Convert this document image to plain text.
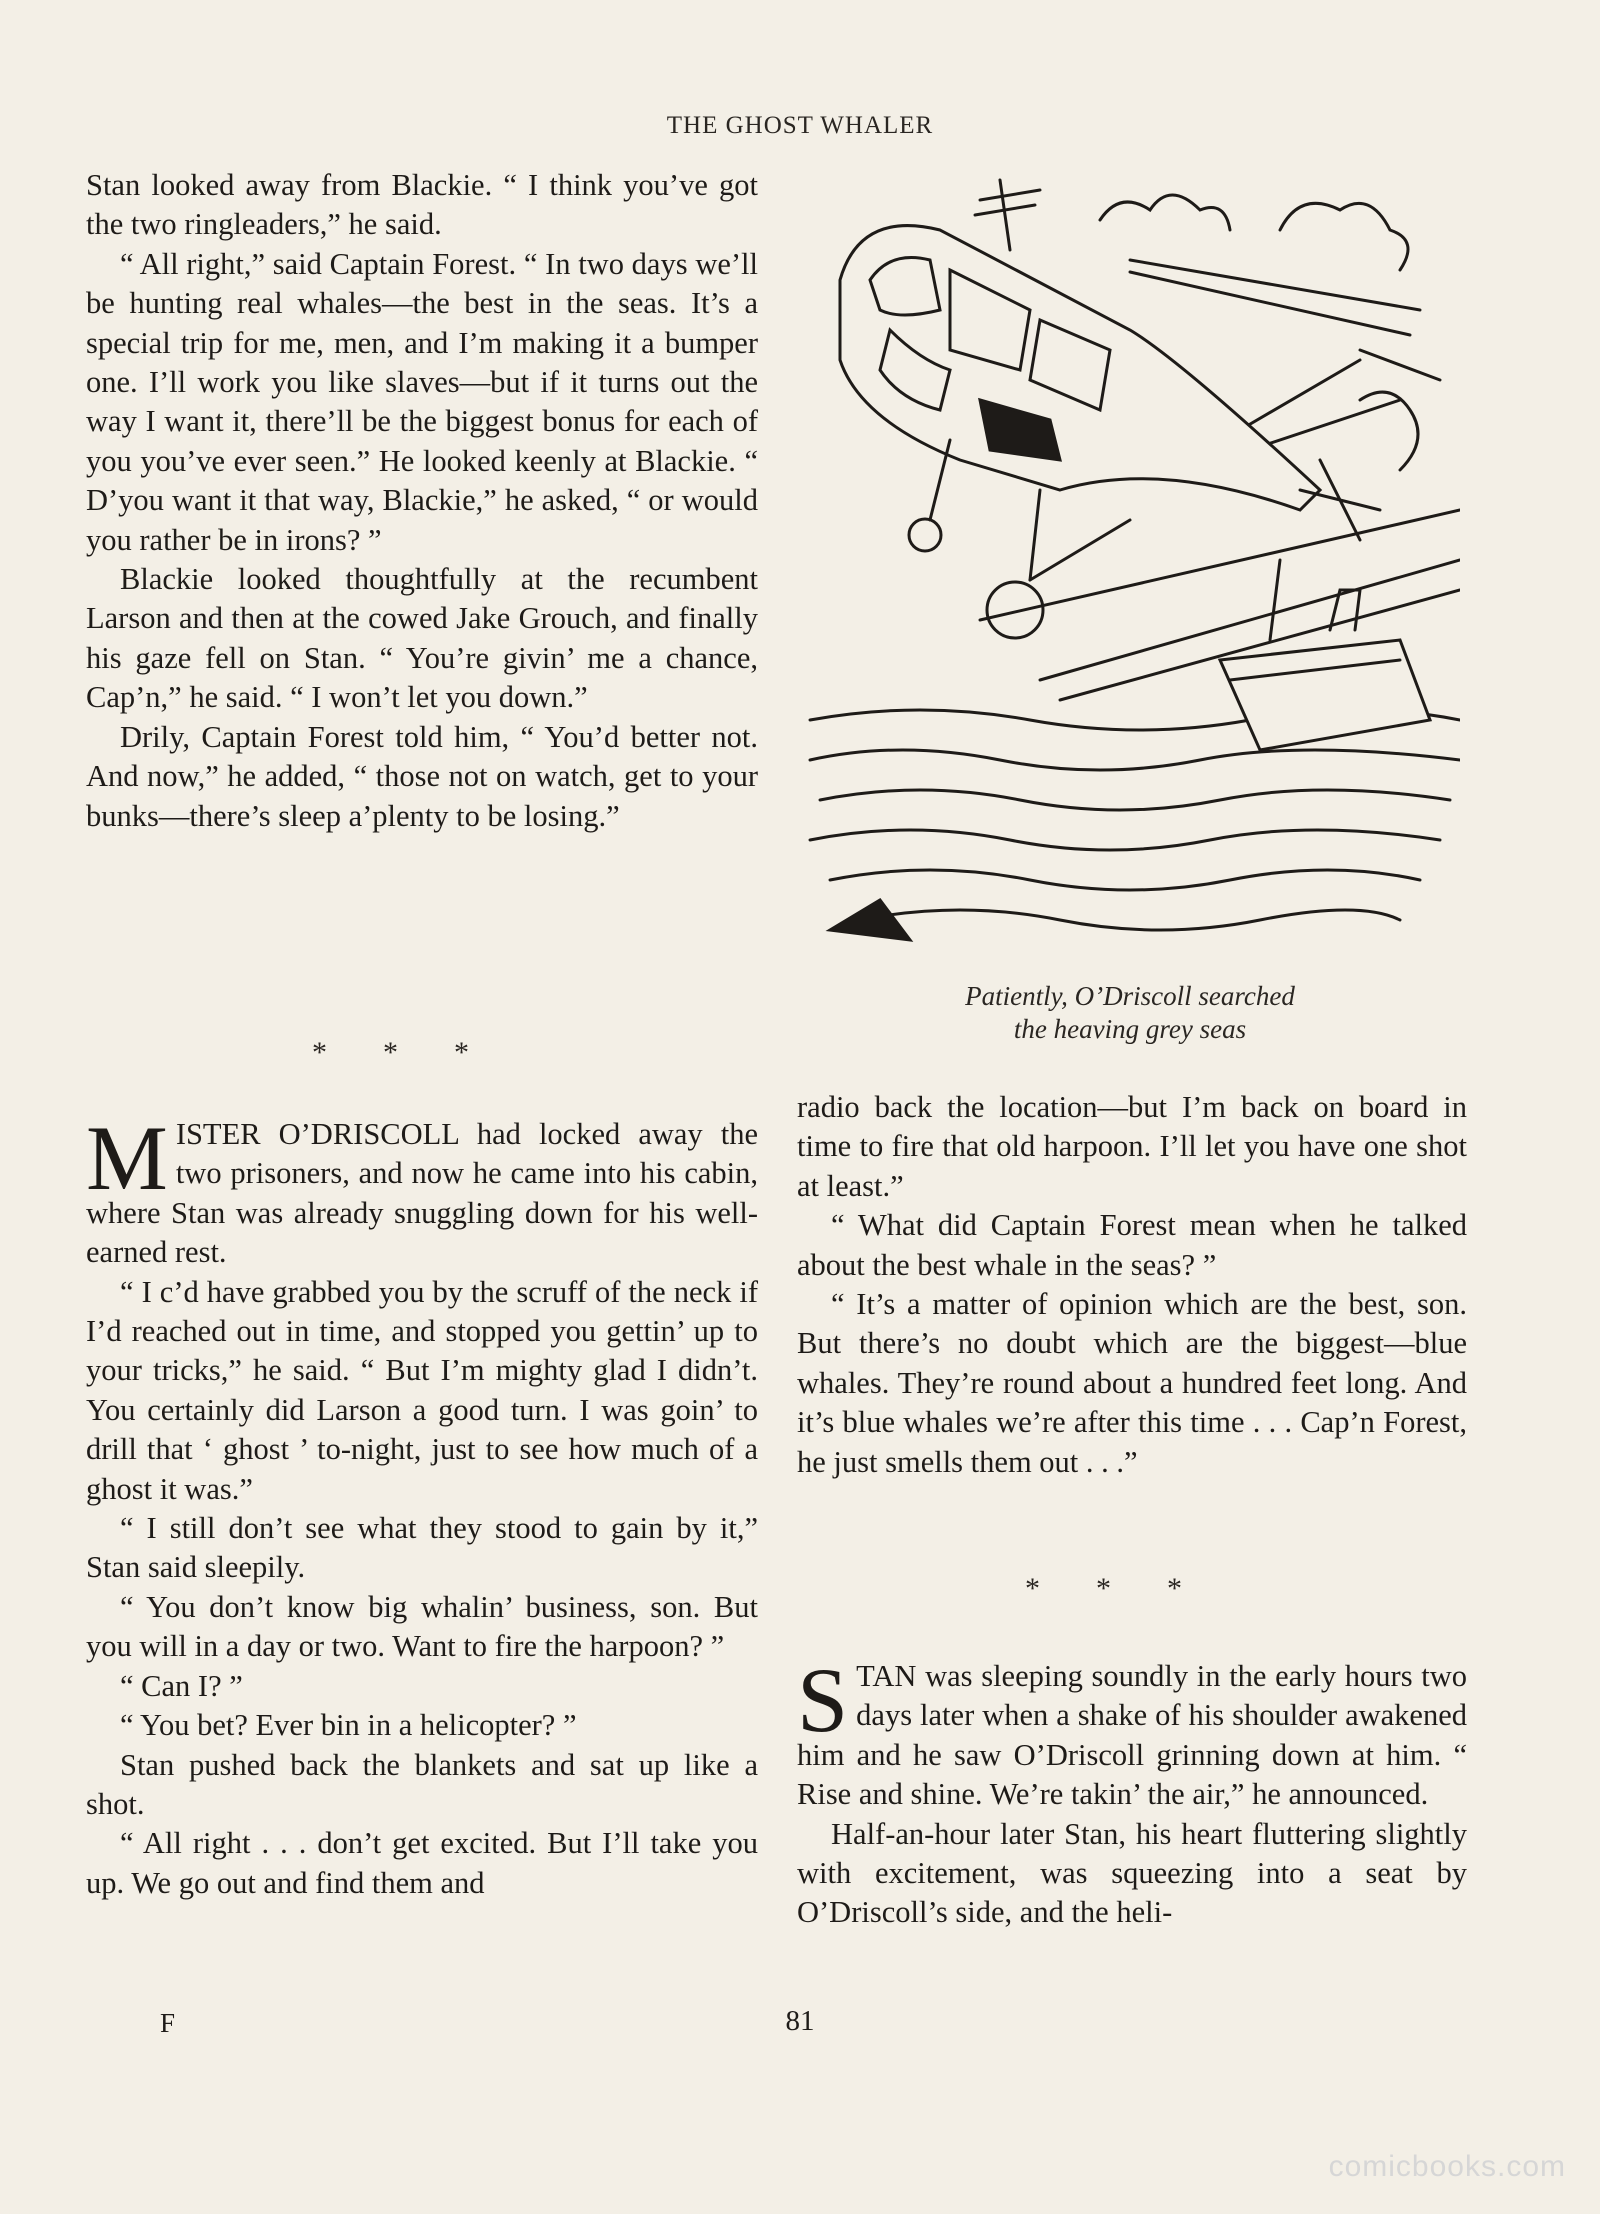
THE GHOST WHALER

Stan looked away from Blackie. “ I think you’ve got the two ringleaders,” he said.

“ All right,” said Captain Forest. “ In two days we’ll be hunting real whales—the best in the seas. It’s a special trip for me, men, and I’m making it a bumper one. I’ll work you like slaves—but if it turns out the way I want it, there’ll be the biggest bonus for each of you you’ve ever seen.” He looked keenly at Blackie. “ D’you want it that way, Blackie,” he asked, “ or would you rather be in irons? ”

Blackie looked thoughtfully at the recumbent Larson and then at the cowed Jake Grouch, and finally his gaze fell on Stan. “ You’re givin’ me a chance, Cap’n,” he said. “ I won’t let you down.”

Drily, Captain Forest told him, “ You’d better not. And now,” he added, “ those not on watch, get to your bunks—there’s sleep a’plenty to be losing.”

* * *

MISTER O’DRISCOLL had locked away the two prisoners, and now he came into his cabin, where Stan was already snuggling down for his well-earned rest.

“ I c’d have grabbed you by the scruff of the neck if I’d reached out in time, and stopped you gettin’ up to your tricks,” he said. “ But I’m mighty glad I didn’t. You certainly did Larson a good turn. I was goin’ to drill that ‘ ghost ’ to-night, just to see how much of a ghost it was.”

“ I still don’t see what they stood to gain by it,” Stan said sleepily.

“ You don’t know big whalin’ business, son. But you will in a day or two. Want to fire the harpoon? ”

“ Can I? ”

“ You bet? Ever bin in a helicopter? ”

Stan pushed back the blankets and sat up like a shot.

“ All right . . . don’t get excited. But I’ll take you up. We go out and find them and

Patiently, O’Driscoll searched
the heaving grey seas

radio back the location—but I’m back on board in time to fire that old harpoon. I’ll let you have one shot at least.”

“ What did Captain Forest mean when he talked about the best whale in the seas? ”

“ It’s a matter of opinion which are the best, son. But there’s no doubt which are the biggest—blue whales. They’re round about a hundred feet long. And it’s blue whales we’re after this time . . . Cap’n Forest, he just smells them out . . .”

* * *

STAN was sleeping soundly in the early hours two days later when a shake of his shoulder awakened him and he saw O’Driscoll grinning down at him. “ Rise and shine. We’re takin’ the air,” he announced.

Half-an-hour later Stan, his heart fluttering slightly with excitement, was squeezing into a seat by O’Driscoll’s side, and the heli-

F	81
comicbooks.com
